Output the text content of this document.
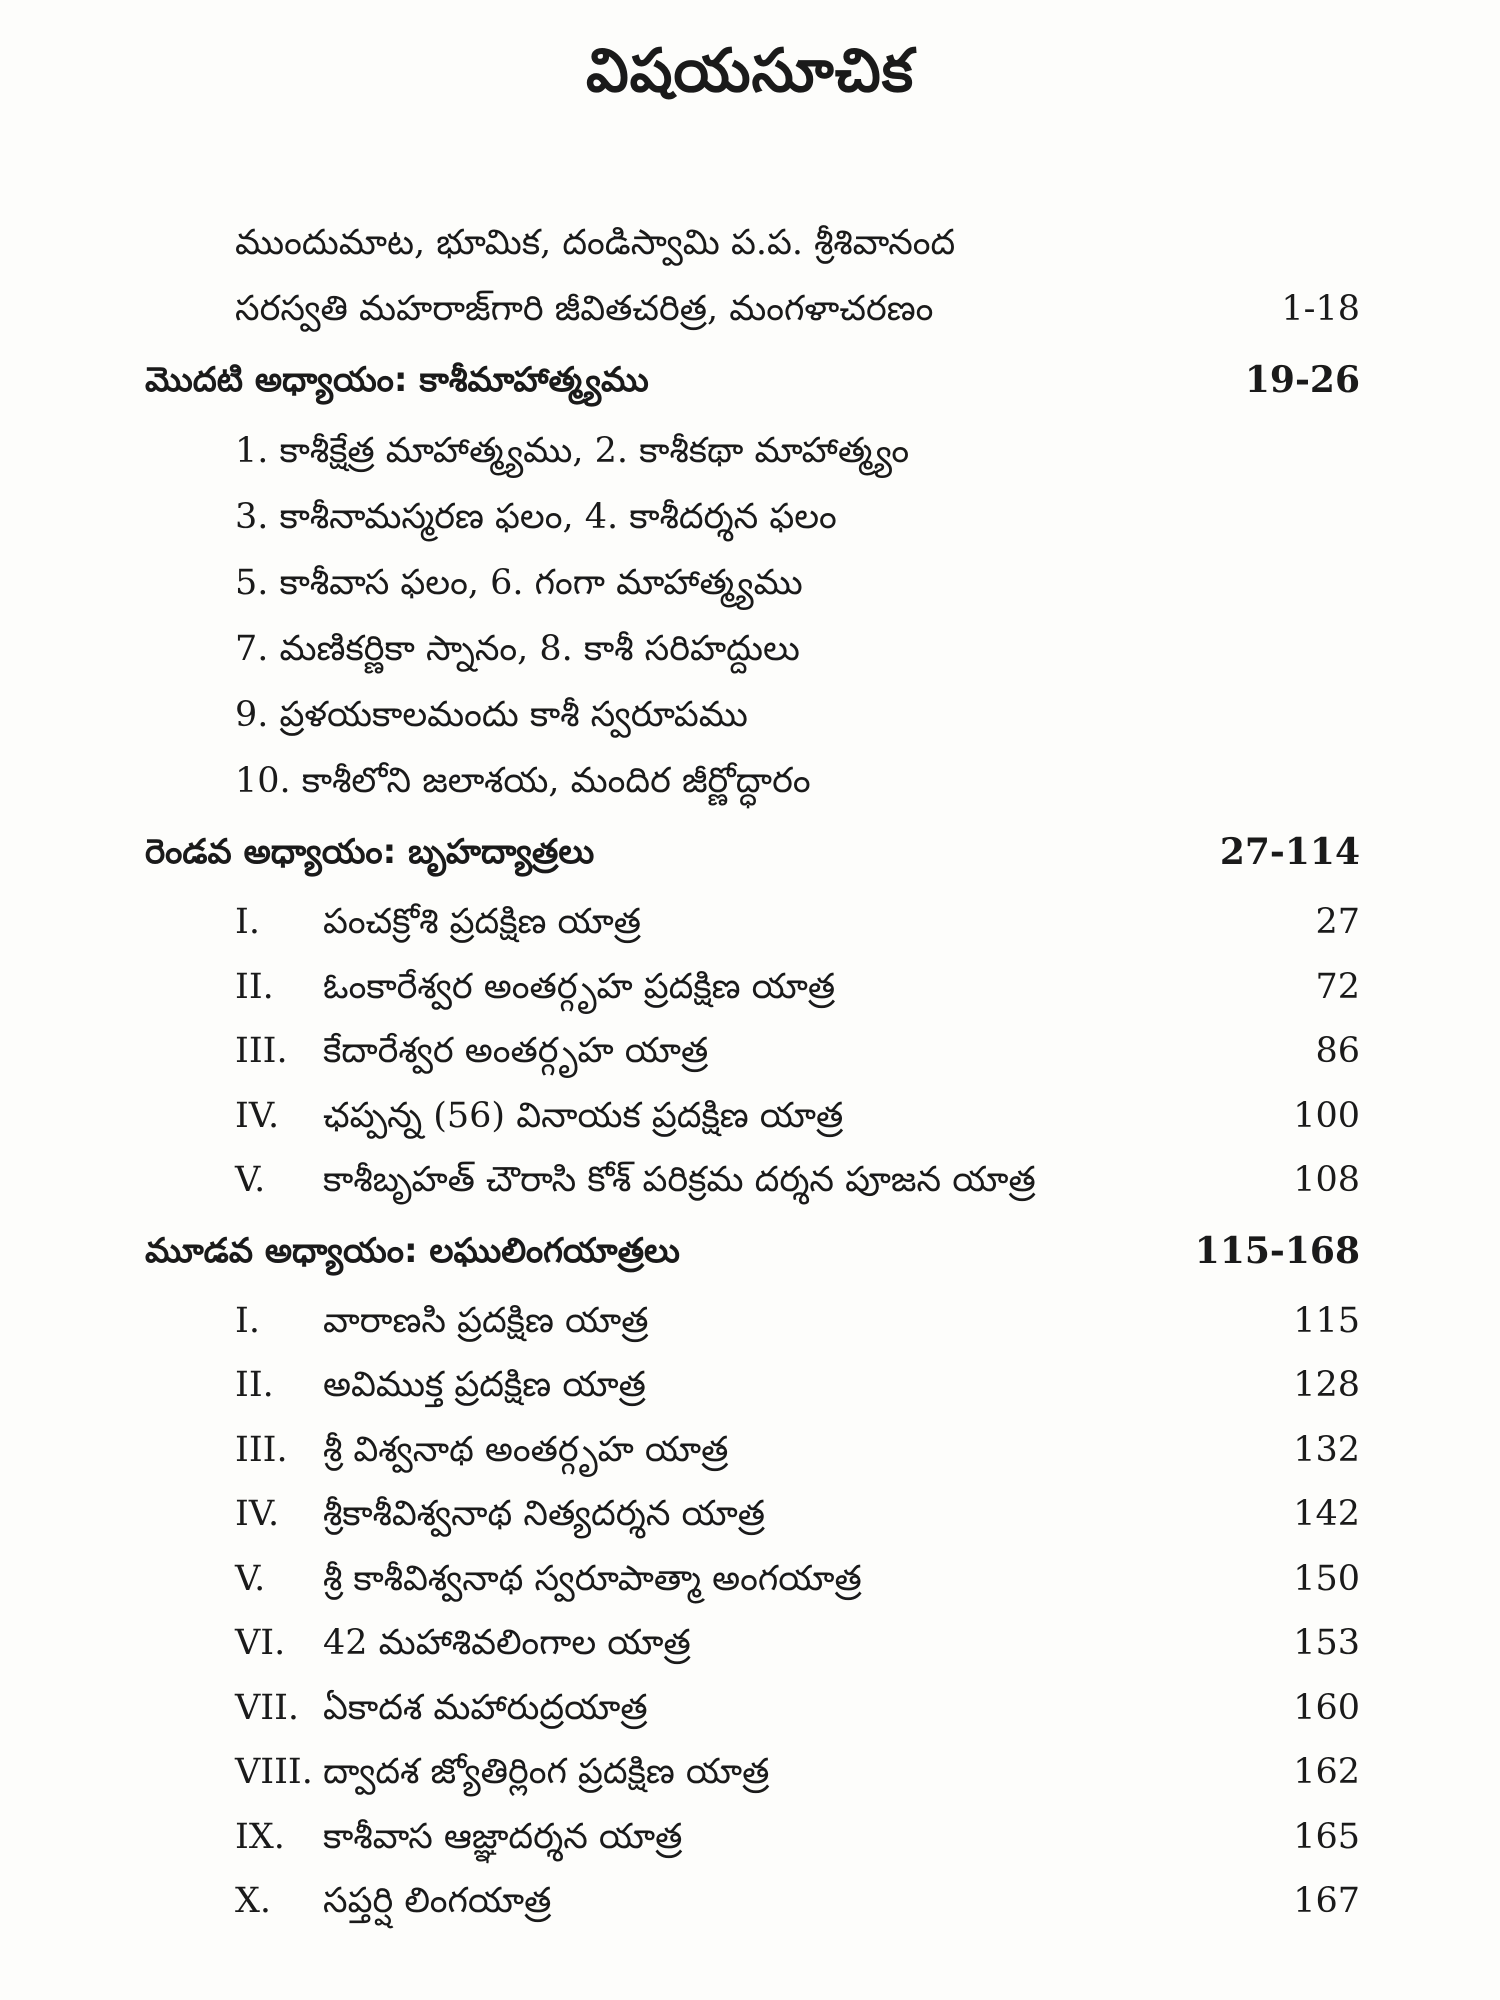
విషయసూచిక
ముందుమాట, భూమిక, దండిస్వామి ప.ప. శ్రీశివానంద
సరస్వతి మహరాజ్‌గారి జీవితచరిత్ర, మంగళాచరణం	1-18
మొదటి అధ్యాయం: కాశీమాహాత్మ్యము	19-26
1. కాశీక్షేత్ర మాహాత్మ్యము, 2. కాశీకథా మాహాత్మ్యం
3. కాశీనామస్మరణ ఫలం, 4. కాశీదర్శన ఫలం
5. కాశీవాస ఫలం, 6. గంగా మాహాత్మ్యము
7. మణికర్ణికా స్నానం, 8. కాశీ సరిహద్దులు
9. ప్రళయకాలమందు కాశీ స్వరూపము
10. కాశీలోని జలాశయ, మందిర జీర్ణోద్ధారం
రెండవ అధ్యాయం: బృహద్యాత్రలు	27-114
I. పంచక్రోశి ప్రదక్షిణ యాత్ర	27
II. ఓంకారేశ్వర అంతర్గృహ ప్రదక్షిణ యాత్ర	72
III. కేదారేశ్వర అంతర్గృహ యాత్ర	86
IV. ఛప్పన్న (56) వినాయక ప్రదక్షిణ యాత్ర	100
V. కాశీబృహత్ చౌరాసి కోశ్ పరిక్రమ దర్శన పూజన యాత్ర	108
మూడవ అధ్యాయం: లఘులింగయాత్రలు	115-168
I. వారాణసి ప్రదక్షిణ యాత్ర	115
II. అవిముక్త ప్రదక్షిణ యాత్ర	128
III. శ్రీ విశ్వనాథ అంతర్గృహ యాత్ర	132
IV. శ్రీకాశీవిశ్వనాథ నిత్యదర్శన యాత్ర	142
V. శ్రీ కాశీవిశ్వనాథ స్వరూపాత్మా అంగయాత్ర	150
VI. 42 మహాశివలింగాల యాత్ర	153
VII. ఏకాదశ మహారుద్రయాత్ర	160
VIII. ద్వాదశ జ్యోతిర్లింగ ప్రదక్షిణ యాత్ర	162
IX. కాశీవాస ఆజ్ఞాదర్శన యాత్ర	165
X. సప్తర్షి లింగయాత్ర	167
